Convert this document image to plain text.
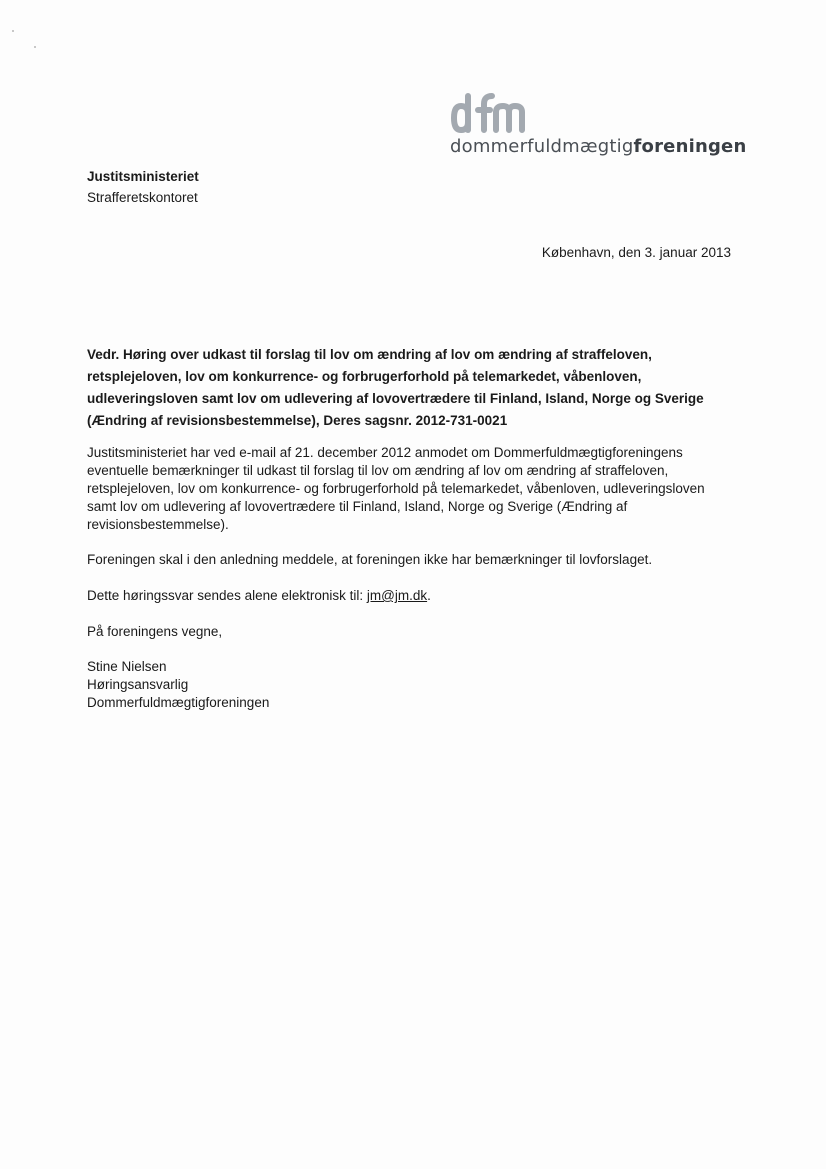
dommerfuldmægtigforeningen
Justitsministeriet
Strafferetskontoret
København, den 3. januar 2013
Vedr. Høring over udkast til forslag til lov om ændring af lov om ændring af straffeloven, retsplejeloven, lov om konkurrence- og forbrugerforhold på telemarkedet, våbenloven, udleveringsloven samt lov om udlevering af lovovertrædere til Finland, Island, Norge og Sverige (Ændring af revisionsbestemmelse), Deres sagsnr. 2012-731-0021
Justitsministeriet har ved e-mail af 21. december 2012 anmodet om Dommerfuldmægtigforeningens
eventuelle bemærkninger til udkast til forslag til lov om ændring af lov om ændring af straffeloven,
retsplejeloven, lov om konkurrence- og forbrugerforhold på telemarkedet, våbenloven, udleveringsloven
samt lov om udlevering af lovovertrædere til Finland, Island, Norge og Sverige (Ændring af
revisionsbestemmelse).
Foreningen skal i den anledning meddele, at foreningen ikke har bemærkninger til lovforslaget.
Dette høringssvar sendes alene elektronisk til: jm@jm.dk.
På foreningens vegne,
Stine Nielsen
Høringsansvarlig
Dommerfuldmægtigforeningen
